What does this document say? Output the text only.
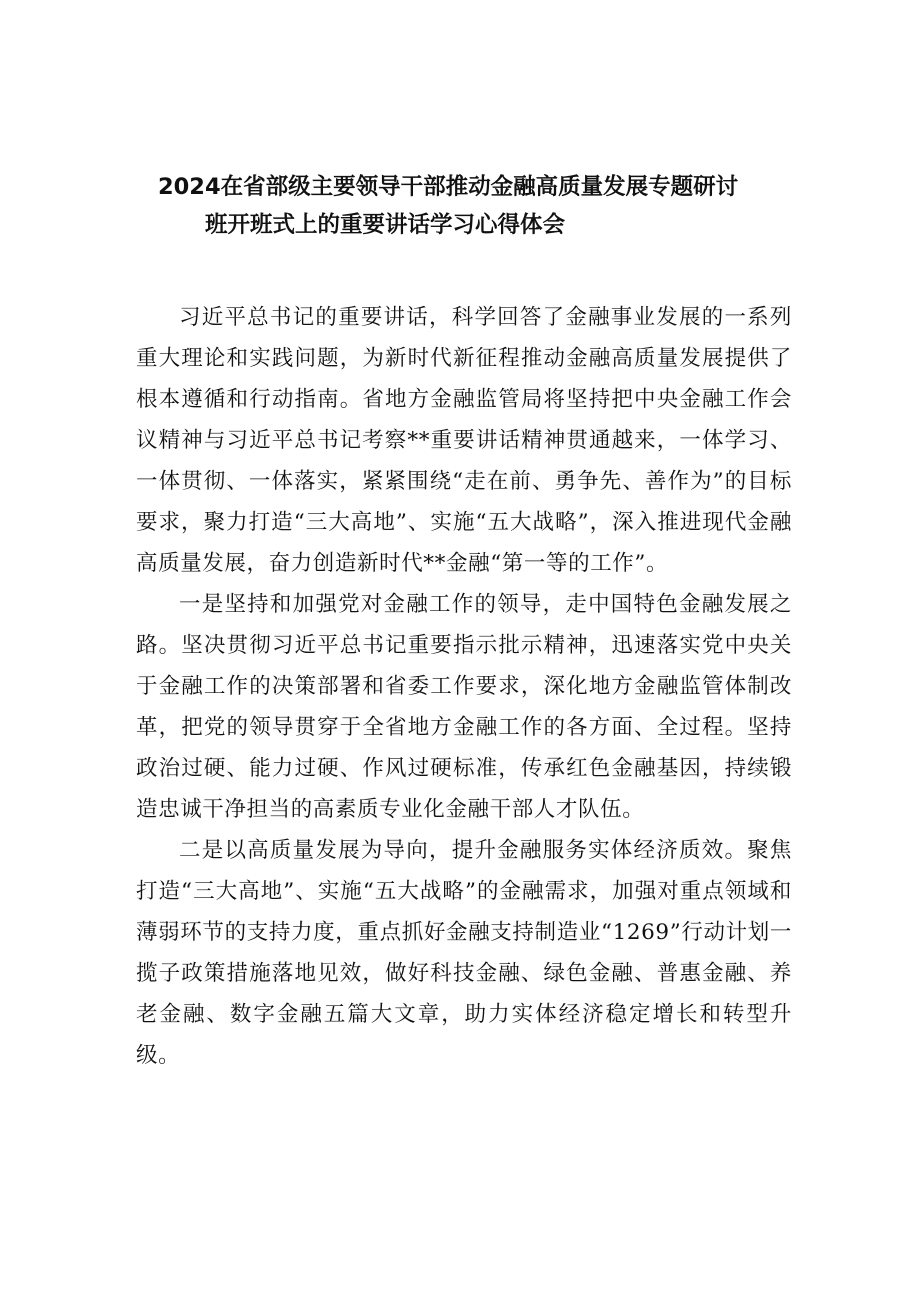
2024在省部级主要领导干部推动金融高质量发展专题研讨
班开班式上的重要讲话学习心得体会

习近平总书记的重要讲话，科学回答了金融事业发展的一系列重大理论和实践问题，为新时代新征程推动金融高质量发展提供了根本遵循和行动指南。省地方金融监管局将坚持把中央金融工作会议精神与习近平总书记考察**重要讲话精神贯通越来，一体学习、一体贯彻、一体落实，紧紧围绕“走在前、勇争先、善作为”的目标要求，聚力打造“三大高地”、实施“五大战略”，深入推进现代金融高质量发展，奋力创造新时代**金融“第一等的工作”。

一是坚持和加强党对金融工作的领导，走中国特色金融发展之路。坚决贯彻习近平总书记重要指示批示精神，迅速落实党中央关于金融工作的决策部署和省委工作要求，深化地方金融监管体制改革，把党的领导贯穿于全省地方金融工作的各方面、全过程。坚持政治过硬、能力过硬、作风过硬标准，传承红色金融基因，持续锻造忠诚干净担当的高素质专业化金融干部人才队伍。

二是以高质量发展为导向，提升金融服务实体经济质效。聚焦打造“三大高地”、实施“五大战略”的金融需求，加强对重点领域和薄弱环节的支持力度，重点抓好金融支持制造业“1269”行动计划一揽子政策措施落地见效，做好科技金融、绿色金融、普惠金融、养老金融、数字金融五篇大文章，助力实体经济稳定增长和转型升级。
